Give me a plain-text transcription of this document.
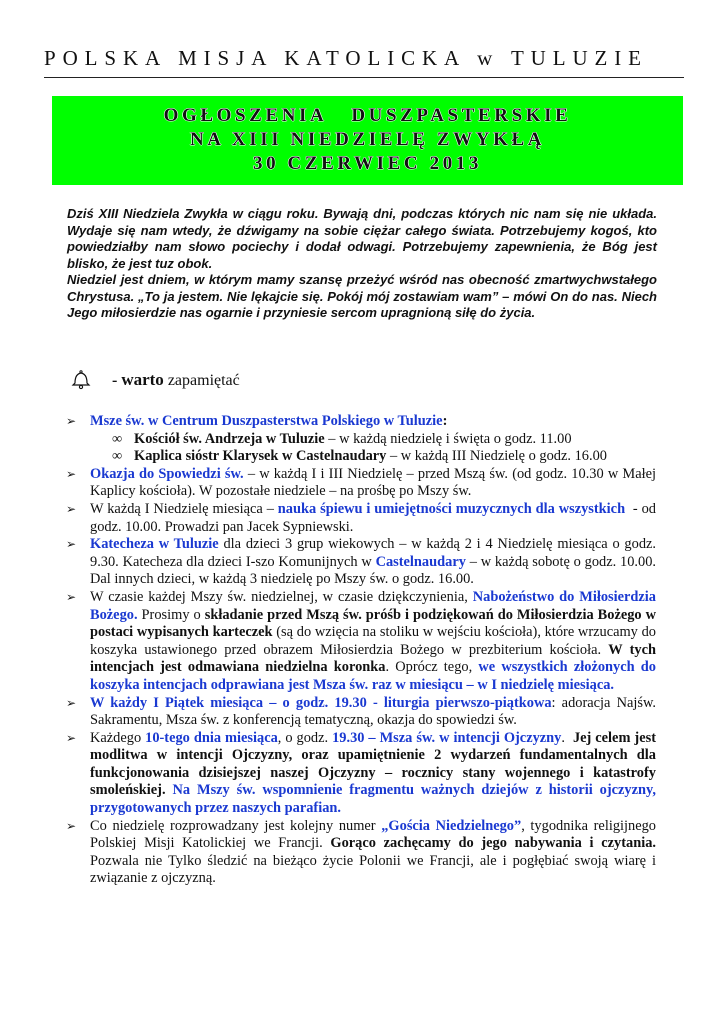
POLSKA MISJA KATOLICKA w TULUZIE
OGŁOSZENIA   DUSZPASTERSKIE
NA XIII NIEDZIELĘ ZWYKŁĄ
30 CZERWIEC 2013

Dziś XIII Niedziela Zwykła w ciągu roku. Bywają dni, podczas których nic nam się nie układa. Wydaje się nam wtedy, że dźwigamy na sobie ciężar całego świata. Potrzebujemy kogoś, kto powiedziałby nam słowo pociechy i dodał odwagi. Potrzebujemy zapewnienia, że Bóg jest blisko, że jest tuz obok.

Niedziel jest dniem, w którym mamy szansę przeżyć wśród nas obecność zmartwychwstałego Chrystusa. „To ja jestem. Nie lękajcie się. Pokój mój zostawiam wam” – mówi On do nas. Niech Jego miłosierdzie nas ogarnie i przyniesie sercom upragnioną siłę do życia.

- warto zapamiętać
➢ Msze św. w Centrum Duszpasterstwa Polskiego w Tuluzie:
∞ Kościół św. Andrzeja w Tuluzie – w każdą niedzielę i święta o godz. 11.00
∞ Kaplica sióstr Klarysek w Castelnaudary – w każdą III Niedzielę o godz. 16.00
➢ Okazja do Spowiedzi św. – w każdą I i III Niedzielę – przed Mszą św. (od godz. 10.30 w Małej Kaplicy kościoła). W pozostałe niedziele – na prośbę po Mszy św.
➢ W każdą I Niedzielę miesiąca – nauka śpiewu i umiejętności muzycznych dla wszystkich  - od godz. 10.00. Prowadzi pan Jacek Sypniewski.
➢ Katecheza w Tuluzie dla dzieci 3 grup wiekowych – w każdą 2 i 4 Niedzielę miesiąca o godz. 9.30. Katecheza dla dzieci I-szo Komunijnych w Castelnaudary – w każdą sobotę o godz. 10.00. Dal innych dzieci, w każdą 3 niedzielę po Mszy św. o godz. 16.00.
➢ W czasie każdej Mszy św. niedzielnej, w czasie dziękczynienia, Nabożeństwo do Miłosierdzia Bożego. Prosimy o składanie przed Mszą św. próśb i podziękowań do Miłosierdzia Bożego w postaci wypisanych karteczek (są do wzięcia na stoliku w wejściu kościoła), które wrzucamy do koszyka ustawionego przed obrazem Miłosierdzia Bożego w prezbiterium kościoła. W tych intencjach jest odmawiana niedzielna koronka. Oprócz tego, we wszystkich złożonych do koszyka intencjach odprawiana jest Msza św. raz w miesiącu – w I niedzielę miesiąca.
➢ W każdy I Piątek miesiąca – o godz. 19.30 - liturgia pierwszo-piątkowa: adoracja Najśw. Sakramentu, Msza św. z konferencją tematyczną, okazja do spowiedzi św.
➢ Każdego 10-tego dnia miesiąca, o godz. 19.30 – Msza św. w intencji Ojczyzny.  Jej celem jest modlitwa w intencji Ojczyzny, oraz upamiętnienie 2 wydarzeń fundamentalnych dla funkcjonowania dzisiejszej naszej Ojczyzny – rocznicy stany wojennego i katastrofy smoleńskiej. Na Mszy św. wspomnienie fragmentu ważnych dziejów z historii ojczyzny, przygotowanych przez naszych parafian.
➢ Co niedzielę rozprowadzany jest kolejny numer „Gościa Niedzielnego”, tygodnika religijnego Polskiej Misji Katolickiej we Francji. Gorąco zachęcamy do jego nabywania i czytania. Pozwala nie Tylko śledzić na bieżąco życie Polonii we Francji, ale i pogłębiać swoją wiarę i związanie z ojczyzną.
